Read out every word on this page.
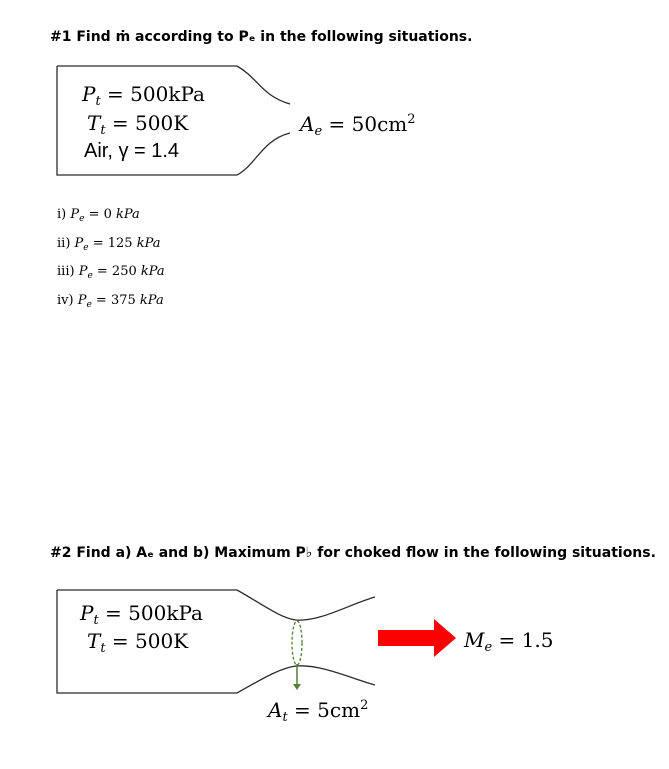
#1 Find ṁ according to Pₑ in the following situations.
$P_t = 500kPa$
$T_t = 500K$
Air, γ = 1.4
$A_e = 50cm^2$
i) $P_e = 0$ kPa
ii) $P_e = 125$ kPa
iii) $P_e = 250$ kPa
iv) $P_e = 375$ kPa
#2 Find a) Aₑ and b) Maximum P♭ for choked flow in the following situations.
$P_t = 500kPa$
$T_t = 500K$	$M_e = 1.5$
$A_t = 5cm^2$
